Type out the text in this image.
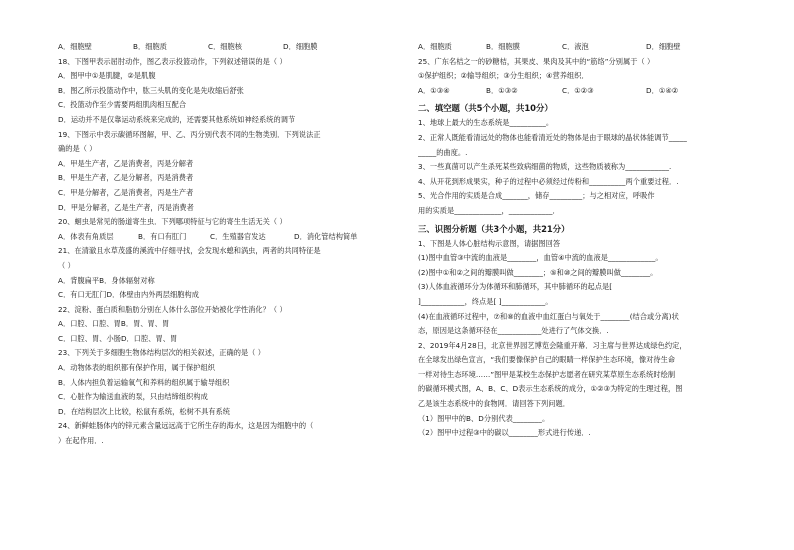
A．细胞壁	B．细胞质	C．细胞核	D．细胞膜
18、下图甲表示屈肘动作，图乙表示投篮动作，下列叙述错误的是（ ）
A．图甲中①是肌腱，②是肌腹
B．图乙所示投篮动作中，肱三头肌的变化是先收缩后舒张
C．投篮动作至少需要两组肌肉相互配合
D．运动并不是仅靠运动系统来完成的，还需要其他系统如神经系统的调节
19、下图示中表示碳循环图解，甲、乙、丙分别代表不同的生物类别．下列说法正
确的是（ ）
A．甲是生产者，乙是消费者，丙是分解者
B．甲是生产者，乙是分解者，丙是消费者
C．甲是分解者，乙是消费者，丙是生产者
D．甲是分解者，乙是生产者，丙是消费者
20、蛔虫是常见的肠道寄生虫．下列哪项特征与它的寄生生活无关（ ）
A．体表有角质层	B．有口有肛门	C．生殖器官发达	D．消化管结构简单
21、在清澈且水草茂盛的溪流中仔细寻找，会发现水螅和涡虫，两者的共同特征是
（ ）
A．背腹扁平B．身体辐射对称
C．有口无肛门D．体壁由内外两层细胞构成
22、淀粉、蛋白质和脂肪分别在人体什么部位开始被化学性消化？（ ）
A．口腔、口腔、胃B．胃、胃、胃
C．口腔、胃、小肠D．口腔、胃、胃
23、下列关于多细胞生物体结构层次的相关叙述，正确的是（ ）
A．动物体表的组织都有保护作用，属于保护组织
B．人体内担负着运输氧气和养料的组织属于输导组织
C．心脏作为输送血液的泵，只由结缔组织构成
D．在结构层次上比较，松鼠有系统，松树不具有系统
24、新鲜蛙肠体内的锌元素含量远远高于它所生存的海水，这是因为细胞中的（
）在起作用．.
A．细胞质	B．细胞膜	C．液泡	D．细胞壁
25、广东名桔之一的砂糖桔，其果皮、果肉及其中的“筋络”分别属于（ ）
①保护组织；②输导组织；③分生组织；④营养组织．
A．①③④	B．①③②	C．①②③	D．①④②
二、填空题（共5个小题，共10分）
1、地球上最大的生态系统是__________。
2、正常人既能看清远处的物体也能看清近处的物体是由于眼球的晶状体能调节_____
_____的曲度。.
3、一些真菌可以产生杀死某些致病细菌的物质，这些物质被称为____________.
4、从开花到形成果实，种子的过程中必须经过传粉和__________两个重要过程．.
5、光合作用的实质是合成_______，储存_________；与之相对应，呼吸作
用的实质是_____________，____________．
三、识图分析题（共3个小题，共21分）
1、下图是人体心脏结构示意图，请据图回答
(1)图中血管③中流的血液是________，血管④中流的血液是_____________。
(2)图中①和②之间的瓣膜叫做________；⑤和⑩之间的瓣膜叫做________。
(3)人体血液循环分为体循环和肺循环，其中肺循环的起点是[
]____________，终点是[ ]____________。
(4)在血液循环过程中，⑦和⑧的血液中血红蛋白与氧处于________(结合或分离)状
态，原因是这条循环径在____________处进行了气体交换．.
2、2019年4月28日，北京世界园艺博览会隆重开幕．习主席与世界达成绿色约定，
在全球发出绿色宣言，“我们要像保护自己的眼睛一样保护生态环境，像对待生命
一样对待生态环境……”图甲是某校生态保护志愿者在研究某草原生态系统时绘制
的碳循环模式图，A、B、C、D表示生态系统的成分，①②③为特定的生理过程，图
乙是该生态系统中的食物网．请回答下列问题．
（1）图甲中的B、D分别代表________。
（2）图甲中过程③中的碳以________形式进行传递．.
